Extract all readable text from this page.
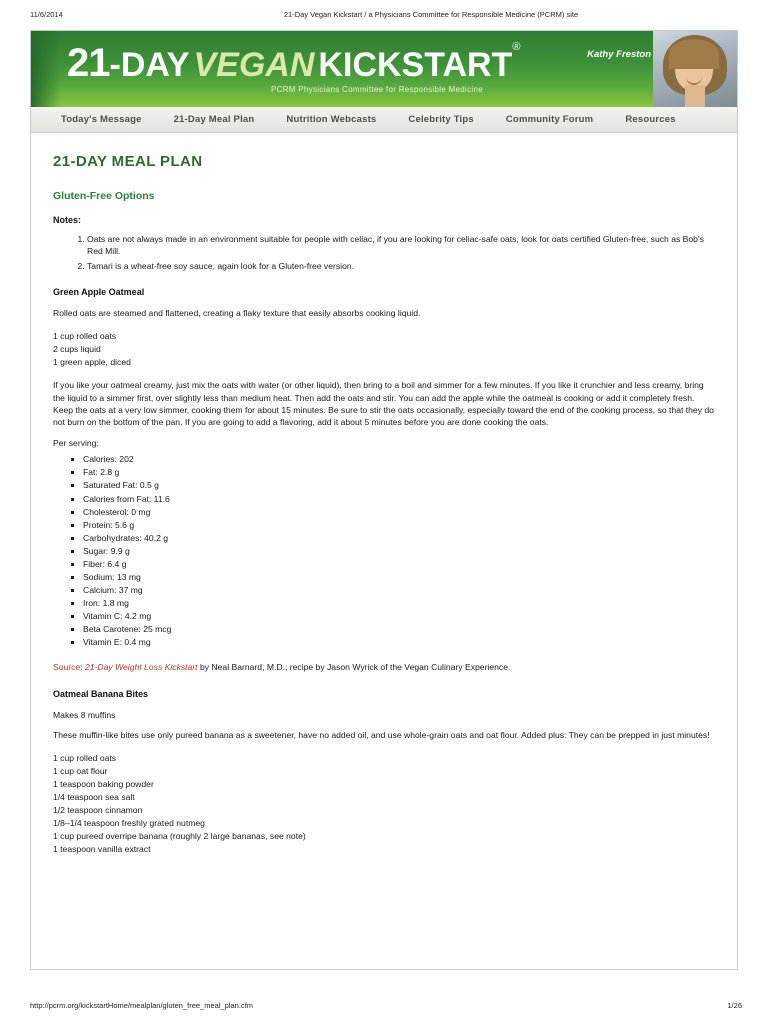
11/6/2014	21-Day Vegan Kickstart / a Physicians Committee for Responsible Medicine (PCRM) site
21-DAY VEGAN KICKSTART®
PCRM Physicians Committee for Responsible Medicine
Kathy Freston
Today's Message	21-Day Meal Plan	Nutrition Webcasts	Celebrity Tips	Community Forum	Resources
21-DAY MEAL PLAN
Gluten-Free Options
Notes:
1. Oats are not always made in an environment suitable for people with celiac, if you are looking for celiac-safe oats, look for oats certified Gluten-free, such as Bob's Red Mill.
2. Tamari is a wheat-free soy sauce, again look for a Gluten-free version.
Green Apple Oatmeal

Rolled oats are steamed and flattened, creating a flaky texture that easily absorbs cooking liquid.

1 cup rolled oats
2 cups liquid
1 green apple, diced

If you like your oatmeal creamy, just mix the oats with water (or other liquid), then bring to a boil and simmer for a few minutes. If you like it crunchier and less creamy, bring the liquid to a simmer first, over slightly less than medium heat. Then add the oats and stir. You can add the apple while the oatmeal is cooking or add it completely fresh. Keep the oats at a very low simmer, cooking them for about 15 minutes. Be sure to stir the oats occasionally, especially toward the end of the cooking process, so that they do not burn on the bottom of the pan. If you are going to add a flavoring, add it about 5 minutes before you are done cooking the oats.

Per serving:

▪ Calories: 202
▪ Fat: 2.8 g
▪ Saturated Fat: 0.5 g
▪ Calories from Fat: 11.6
▪ Cholesterol: 0 mg
▪ Protein: 5.6 g
▪ Carbohydrates: 40.2 g
▪ Sugar: 9.9 g
▪ Fiber: 6.4 g
▪ Sodium: 13 mg
▪ Calcium: 37 mg
▪ Iron: 1.8 mg
▪ Vitamin C: 4.2 mg
▪ Beta Carotene: 25 mcg
▪ Vitamin E: 0.4 mg

Source: 21-Day Weight Loss Kickstart by Neal Barnard, M.D.; recipe by Jason Wyrick of the Vegan Culinary Experience.

Oatmeal Banana Bites

Makes 8 muffins

These muffin-like bites use only pureed banana as a sweetener, have no added oil, and use whole-grain oats and oat flour. Added plus: They can be prepped in just minutes!

1 cup rolled oats
1 cup oat flour
1 teaspoon baking powder
1/4 teaspoon sea salt
1/2 teaspoon cinnamon
1/8–1/4 teaspoon freshly grated nutmeg
1 cup pureed overripe banana (roughly 2 large bananas, see note)
1 teaspoon vanilla extract
http://pcrm.org/kickstartHome/mealplan/gluten_free_meal_plan.cfm	1/26
